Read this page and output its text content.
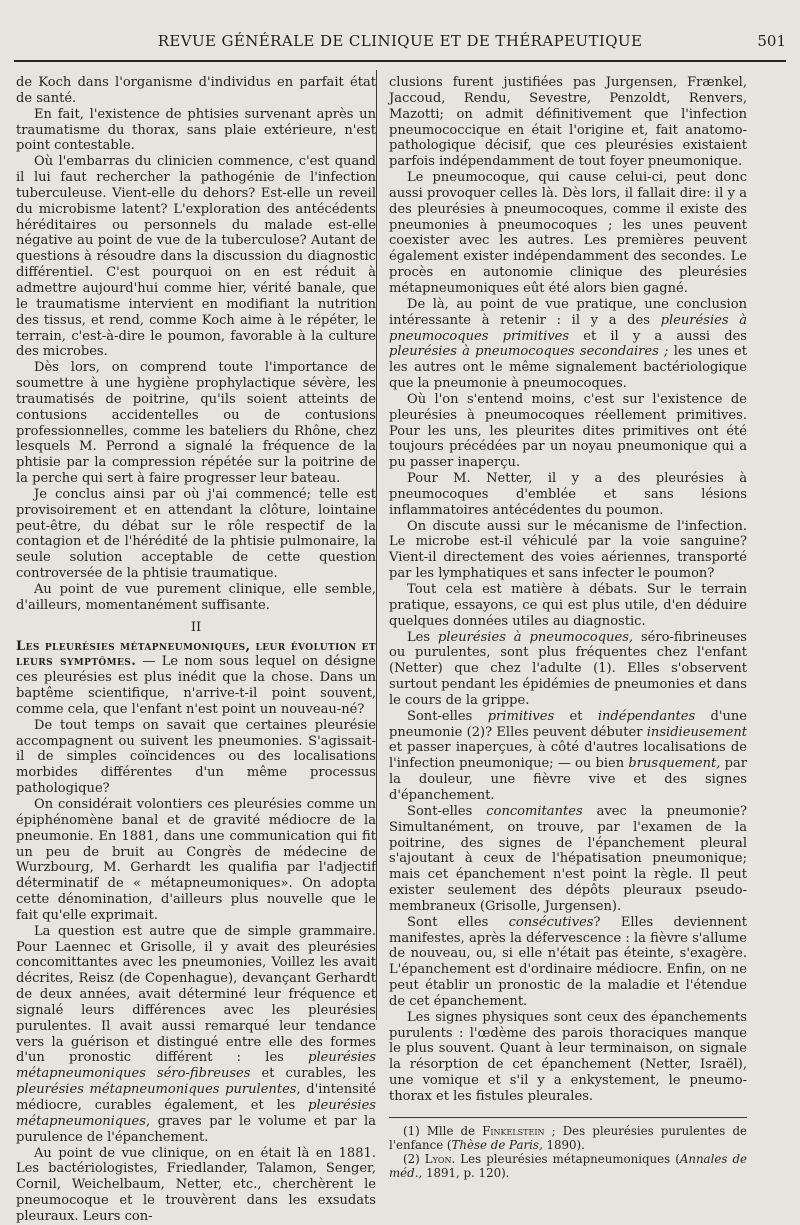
REVUE GÉNÉRALE DE CLINIQUE ET DE THÉRAPEUTIQUE	501

de Koch dans l'organisme d'individus en parfait état de santé.

En fait, l'existence de phtisies survenant après un traumatisme du thorax, sans plaie extérieure, n'est point contestable.

Où l'embarras du clinicien commence, c'est quand il lui faut rechercher la pathogénie de l'infection tuberculeuse. Vient-elle du dehors? Est-elle un reveil du microbisme latent? L'exploration des antécédents héréditaires ou personnels du malade est-elle négative au point de vue de la tuberculose? Autant de questions à résoudre dans la discussion du diagnostic différentiel. C'est pourquoi on en est réduit à admettre aujourd'hui comme hier, vérité banale, que le traumatisme intervient en modifiant la nutrition des tissus, et rend, comme Koch aime à le répéter, le terrain, c'est-à-dire le poumon, favorable à la culture des microbes.

Dès lors, on comprend toute l'importance de soumettre à une hygiène prophylactique sévère, les traumatisés de poitrine, qu'ils soient atteints de contusions accidentelles ou de contusions professionnelles, comme les bateliers du Rhône, chez lesquels M. Perrond a signalé la fréquence de la phtisie par la compression répétée sur la poitrine de la perche qui sert à faire progresser leur bateau.

Je conclus ainsi par où j'ai commencé; telle est provisoirement et en attendant la clôture, lointaine peut-être, du débat sur le rôle respectif de la contagion et de l'hérédité de la phtisie pulmonaire, la seule solution acceptable de cette question controversée de la phtisie traumatique.

Au point de vue purement clinique, elle semble, d'ailleurs, momentanément suffisante.

II

Les pleurésies métapneumoniques, leur évolution et leurs symptômes. — Le nom sous lequel on désigne ces pleurésies est plus inédit que la chose. Dans un baptême scientifique, n'arrive-t-il point souvent, comme cela, que l'enfant n'est point un nouveau-né?

De tout temps on savait que certaines pleurésie accompagnent ou suivent les pneumonies. S'agissait-il de simples coïncidences ou des localisations morbides différentes d'un même processus pathologique?

On considérait volontiers ces pleurésies comme un épiphénomène banal et de gravité médiocre de la pneumonie. En 1881, dans une communication qui fit un peu de bruit au Congrès de médecine de Wurzbourg, M. Gerhardt les qualifia par l'adjectif déterminatif de « métapneumoniques». On adopta cette dénomination, d'ailleurs plus nouvelle que le fait qu'elle exprimait.

La question est autre que de simple grammaire. Pour Laennec et Grisolle, il y avait des pleurésies concomittantes avec les pneumonies, Voillez les avait décrites, Reisz (de Copenhague), devançant Gerhardt de deux années, avait déterminé leur fréquence et signalé leurs différences avec les pleurésies purulentes. Il avait aussi remarqué leur tendance vers la guérison et distingué entre elle des formes d'un pronostic différent : les pleurésies métapneumoniques séro-fibreuses et curables, les pleurésies métapneumoniques purulentes, d'intensité médiocre, curables également, et les pleurésies métapneumoniques, graves par le volume et par la purulence de l'épanchement.

Au point de vue clinique, on en était là en 1881. Les bactériologistes, Friedlander, Talamon, Senger, Cornil, Weichelbaum, Netter, etc., cherchèrent le pneumocoque et le trouvèrent dans les exsudats pleuraux. Leurs con-

clusions furent justifiées pas Jurgensen, Frænkel, Jaccoud, Rendu, Sevestre, Penzoldt, Renvers, Mazotti; on admit définitivement que l'infection pneumococcique en était l'origine et, fait anatomo-pathologique décisif, que ces pleurésies existaient parfois indépendamment de tout foyer pneumonique.

Le pneumocoque, qui cause celui-ci, peut donc aussi provoquer celles là. Dès lors, il fallait dire: il y a des pleurésies à pneumocoques, comme il existe des pneumonies à pneumocoques ; les unes peuvent coexister avec les autres. Les premières peuvent également exister indépendamment des secondes. Le procès en autonomie clinique des pleurésies métapneumoniques eût été alors bien gagné.

De là, au point de vue pratique, une conclusion intéressante à retenir : il y a des pleurésies à pneumocoques primitives et il y a aussi des pleurésies à pneumocoques secondaires ; les unes et les autres ont le même signalement bactériologique que la pneumonie à pneumocoques.

Où l'on s'entend moins, c'est sur l'existence de pleurésies à pneumocoques réellement primitives. Pour les uns, les pleurites dites primitives ont été toujours précédées par un noyau pneumonique qui a pu passer inaperçu.

Pour M. Netter, il y a des pleurésies à pneumocoques d'emblée et sans lésions inflammatoires antécédentes du poumon.

On discute aussi sur le mécanisme de l'infection. Le microbe est-il véhiculé par la voie sanguine? Vient-il directement des voies aériennes, transporté par les lymphatiques et sans infecter le poumon?

Tout cela est matière à débats. Sur le terrain pratique, essayons, ce qui est plus utile, d'en déduire quelques données utiles au diagnostic.

Les pleurésies à pneumocoques, séro-fibrineuses ou purulentes, sont plus fréquentes chez l'enfant (Netter) que chez l'adulte (1). Elles s'observent surtout pendant les épidémies de pneumonies et dans le cours de la grippe.

Sont-elles primitives et indépendantes d'une pneumonie (2)? Elles peuvent débuter insidieusement et passer inaperçues, à côté d'autres localisations de l'infection pneumonique; — ou bien brusquement, par la douleur, une fièvre vive et des signes d'épanchement.

Sont-elles concomitantes avec la pneumonie? Simultanément, on trouve, par l'examen de la poitrine, des signes de l'épanchement pleural s'ajoutant à ceux de l'hépatisation pneumonique; mais cet épanchement n'est point la règle. Il peut exister seulement des dépôts pleuraux pseudo-membraneux (Grisolle, Jurgensen).

Sont elles consécutives? Elles deviennent manifestes, après la défervescence : la fièvre s'allume de nouveau, ou, si elle n'était pas éteinte, s'exagère. L'épanchement est d'ordinaire médiocre. Enfin, on ne peut établir un pronostic de la maladie et l'étendue de cet épanchement.

Les signes physiques sont ceux des épanchements purulents : l'œdème des parois thoraciques manque le plus souvent. Quant à leur terminaison, on signale la résorption de cet épanchement (Netter, Israël), une vomique et s'il y a enkystement, le pneumo-thorax et les fistules pleurales.

(1) Mlle de Finkelstein ; Des pleurésies purulentes de l'enfance (Thèse de Paris, 1890).

(2) Lyon. Les pleurésies métapneumoniques (Annales de méd., 1891, p. 120).
